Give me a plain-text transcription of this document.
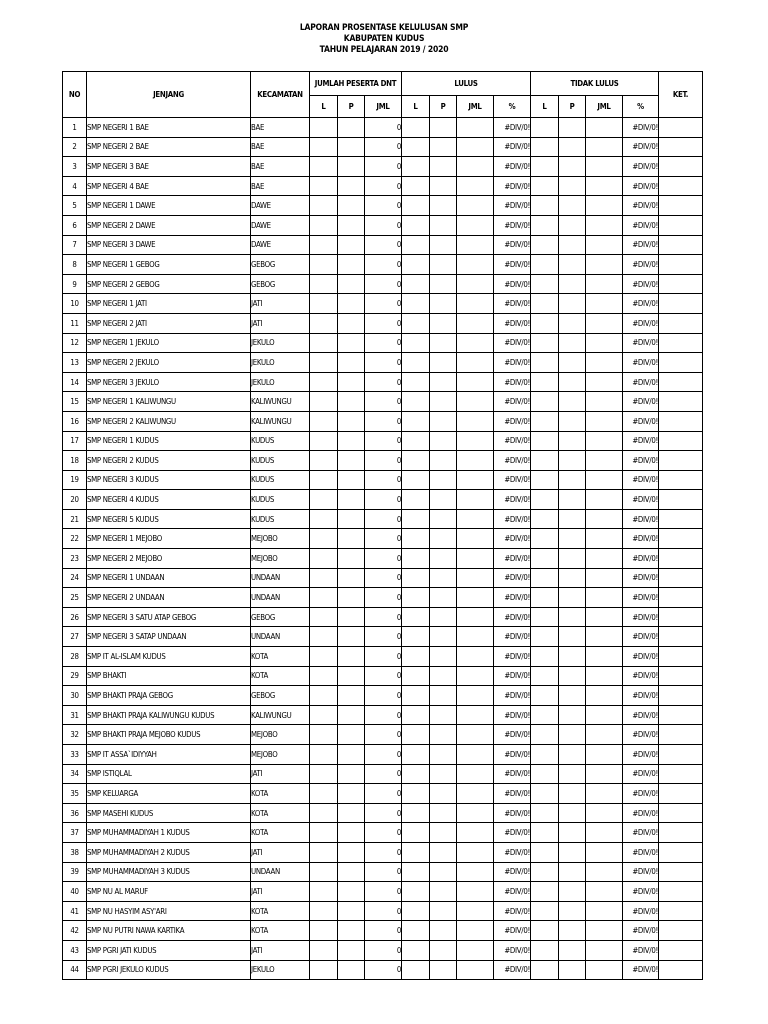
LAPORAN PROSENTASE KELULUSAN SMP
KABUPATEN KUDUS
TAHUN PELAJARAN 2019 / 2020
NO	JENJANG	KECAMATAN	JUMLAH PESERTA DNT			LULUS				TIDAK LULUS				KET.
			L	P	JML	L	P	JML	%	L	P	JML	%	
1	SMP NEGERI 1 BAE	BAE			0				#DIV/0!				#DIV/0!	
2	SMP NEGERI 2 BAE	BAE			0				#DIV/0!				#DIV/0!	
3	SMP NEGERI 3 BAE	BAE			0				#DIV/0!				#DIV/0!	
4	SMP NEGERI 4 BAE	BAE			0				#DIV/0!				#DIV/0!	
5	SMP NEGERI 1 DAWE	DAWE			0				#DIV/0!				#DIV/0!	
6	SMP NEGERI 2 DAWE	DAWE			0				#DIV/0!				#DIV/0!	
7	SMP NEGERI 3 DAWE	DAWE			0				#DIV/0!				#DIV/0!	
8	SMP NEGERI 1 GEBOG	GEBOG			0				#DIV/0!				#DIV/0!	
9	SMP NEGERI 2 GEBOG	GEBOG			0				#DIV/0!				#DIV/0!	
10	SMP NEGERI 1 JATI	JATI			0				#DIV/0!				#DIV/0!	
11	SMP NEGERI 2 JATI	JATI			0				#DIV/0!				#DIV/0!	
12	SMP NEGERI 1 JEKULO	JEKULO			0				#DIV/0!				#DIV/0!	
13	SMP NEGERI 2 JEKULO	JEKULO			0				#DIV/0!				#DIV/0!	
14	SMP NEGERI 3 JEKULO	JEKULO			0				#DIV/0!				#DIV/0!	
15	SMP NEGERI 1 KALIWUNGU	KALIWUNGU			0				#DIV/0!				#DIV/0!	
16	SMP NEGERI 2 KALIWUNGU	KALIWUNGU			0				#DIV/0!				#DIV/0!	
17	SMP NEGERI 1 KUDUS	KUDUS			0				#DIV/0!				#DIV/0!	
18	SMP NEGERI 2 KUDUS	KUDUS			0				#DIV/0!				#DIV/0!	
19	SMP NEGERI 3 KUDUS	KUDUS			0				#DIV/0!				#DIV/0!	
20	SMP NEGERI 4 KUDUS	KUDUS			0				#DIV/0!				#DIV/0!	
21	SMP NEGERI 5 KUDUS	KUDUS			0				#DIV/0!				#DIV/0!	
22	SMP NEGERI 1 MEJOBO	MEJOBO			0				#DIV/0!				#DIV/0!	
23	SMP NEGERI 2 MEJOBO	MEJOBO			0				#DIV/0!				#DIV/0!	
24	SMP NEGERI 1 UNDAAN	UNDAAN			0				#DIV/0!				#DIV/0!	
25	SMP NEGERI 2 UNDAAN	UNDAAN			0				#DIV/0!				#DIV/0!	
26	SMP NEGERI 3 SATU ATAP GEBOG	GEBOG			0				#DIV/0!				#DIV/0!	
27	SMP NEGERI 3 SATAP UNDAAN	UNDAAN			0				#DIV/0!				#DIV/0!	
28	SMP IT AL-ISLAM KUDUS	KOTA			0				#DIV/0!				#DIV/0!	
29	SMP BHAKTI	KOTA			0				#DIV/0!				#DIV/0!	
30	SMP BHAKTI PRAJA GEBOG	GEBOG			0				#DIV/0!				#DIV/0!	
31	SMP BHAKTI PRAJA KALIWUNGU KUDUS	KALIWUNGU			0				#DIV/0!				#DIV/0!	
32	SMP BHAKTI PRAJA MEJOBO KUDUS	MEJOBO			0				#DIV/0!				#DIV/0!	
33	SMP IT ASSA`IDIYYAH	MEJOBO			0				#DIV/0!				#DIV/0!	
34	SMP ISTIQLAL	JATI			0				#DIV/0!				#DIV/0!	
35	SMP KELUARGA	KOTA			0				#DIV/0!				#DIV/0!	
36	SMP MASEHI KUDUS	KOTA			0				#DIV/0!				#DIV/0!	
37	SMP MUHAMMADIYAH 1 KUDUS	KOTA			0				#DIV/0!				#DIV/0!	
38	SMP MUHAMMADIYAH 2 KUDUS	JATI			0				#DIV/0!				#DIV/0!	
39	SMP MUHAMMADIYAH 3 KUDUS	UNDAAN			0				#DIV/0!				#DIV/0!	
40	SMP NU AL MARUF	JATI			0				#DIV/0!				#DIV/0!	
41	SMP NU HASYIM ASY'ARI	KOTA			0				#DIV/0!				#DIV/0!	
42	SMP NU PUTRI NAWA KARTIKA	KOTA			0				#DIV/0!				#DIV/0!	
43	SMP PGRI JATI KUDUS	JATI			0				#DIV/0!				#DIV/0!	
44	SMP PGRI JEKULO KUDUS	JEKULO			0				#DIV/0!				#DIV/0!	
